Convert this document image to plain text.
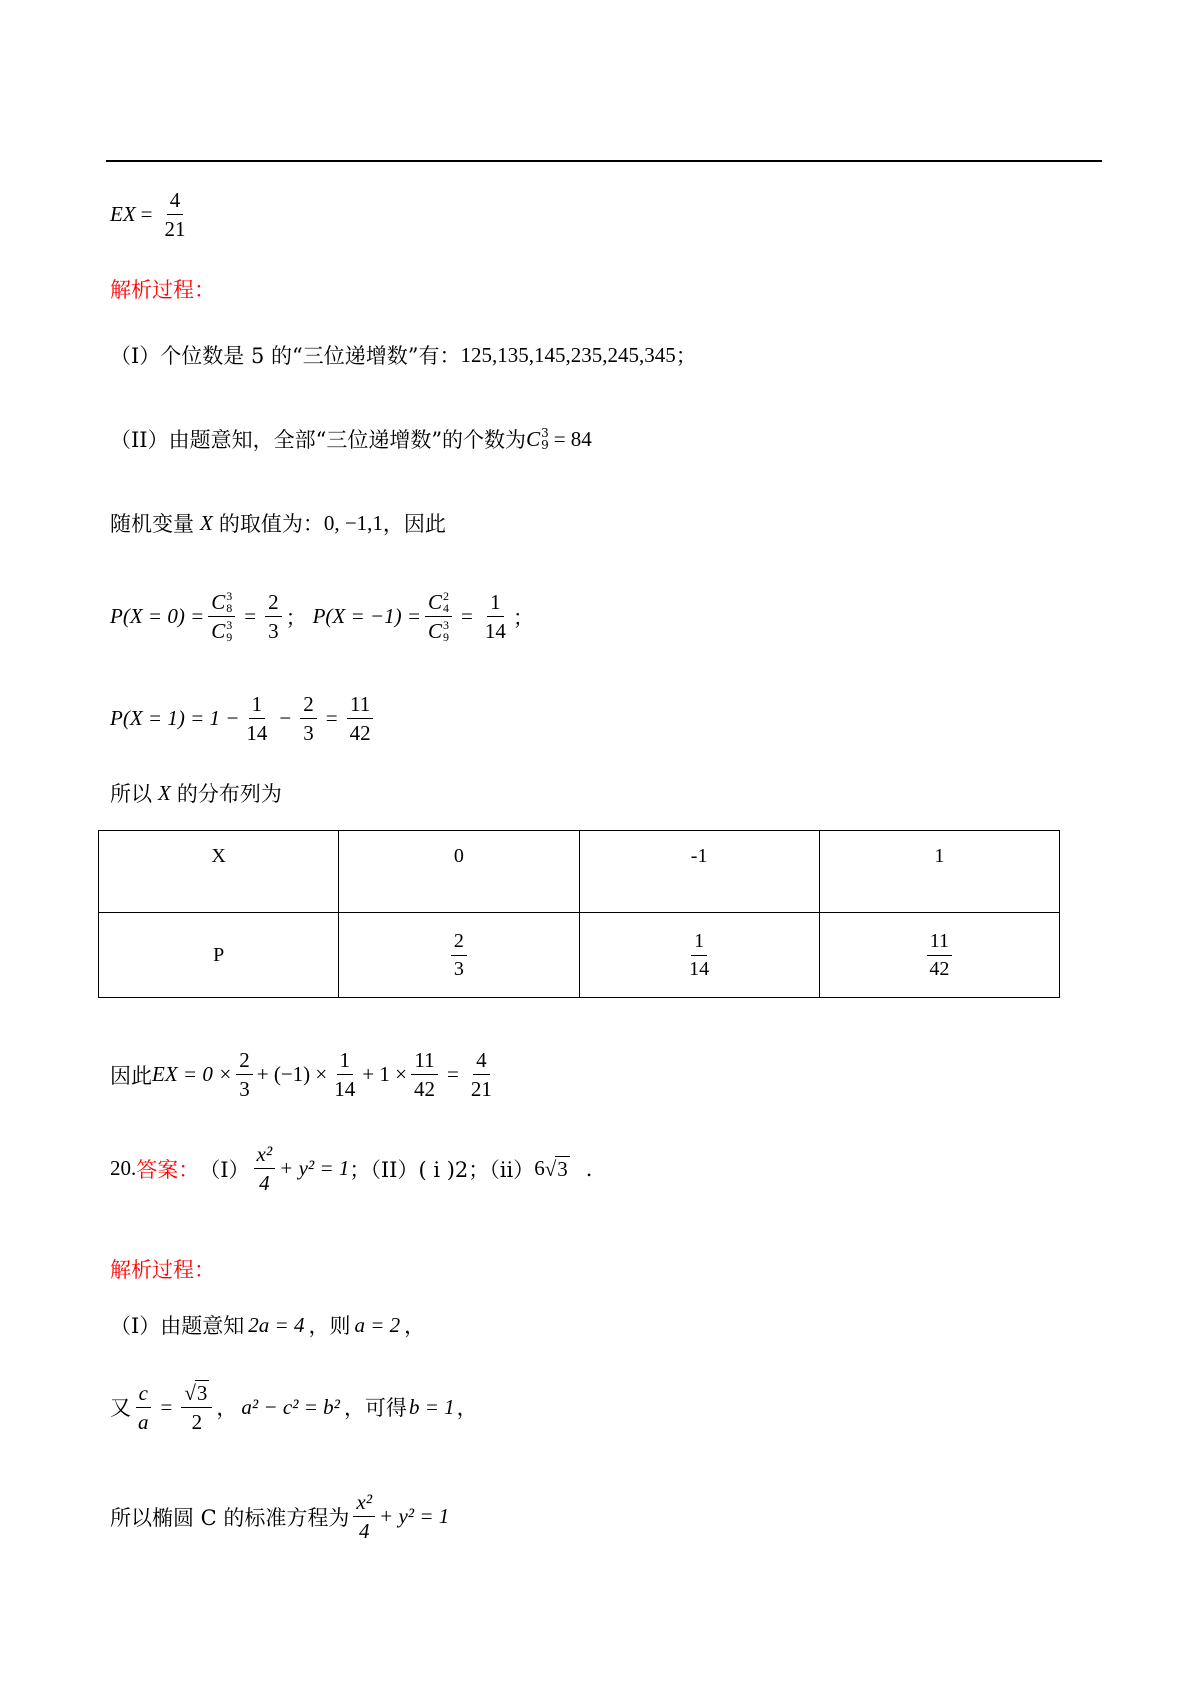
EX = $\frac{4}{21}$
解析过程：
（I）个位数是 5 的“三位递增数”有： 125,135,145,235,245,345 ；
（II）由题意知，全部“三位递增数”的个数为 C 3
9 = 84
随机变量 X 的取值为： 0, −1,1 ，因此
P(X = 0) = C 3
8
C 3
$9 = \frac{2}{3}$ ； P(X = −1) = C 2
4
C 3
$9 = \frac{1}{14}$ ；
$P(X = 1) = 1 - \frac{1}{14} - \frac{2}{3} = \frac{11}{42}$
所以 X 的分布列为
X	0	-1	1
P	$\frac{2}{3}$	$\frac{1}{14}$	$\frac{11}{42}$
因此 EX = $0 \times \frac{2}{3} + (-1) \times \frac{1}{14} + 1 \times \frac{11}{42} = \frac{4}{21}$
20. 答案： $(I) \frac{\text{x²}}{4} + y^2 = 1$ ；（II）( i )2；（ii） 6 √ 3 .
解析过程：
（I）由题意知 2a = 4 ，则 a = 2 ，
又 $\frac{c}{a} = \frac{√ 3}{2}$ ， a² − c² = b² ，可得 b = 1 ，
所以椭圆 C 的标准方程为 $\frac{\text{x²}}{4} + y^2 = 1$
